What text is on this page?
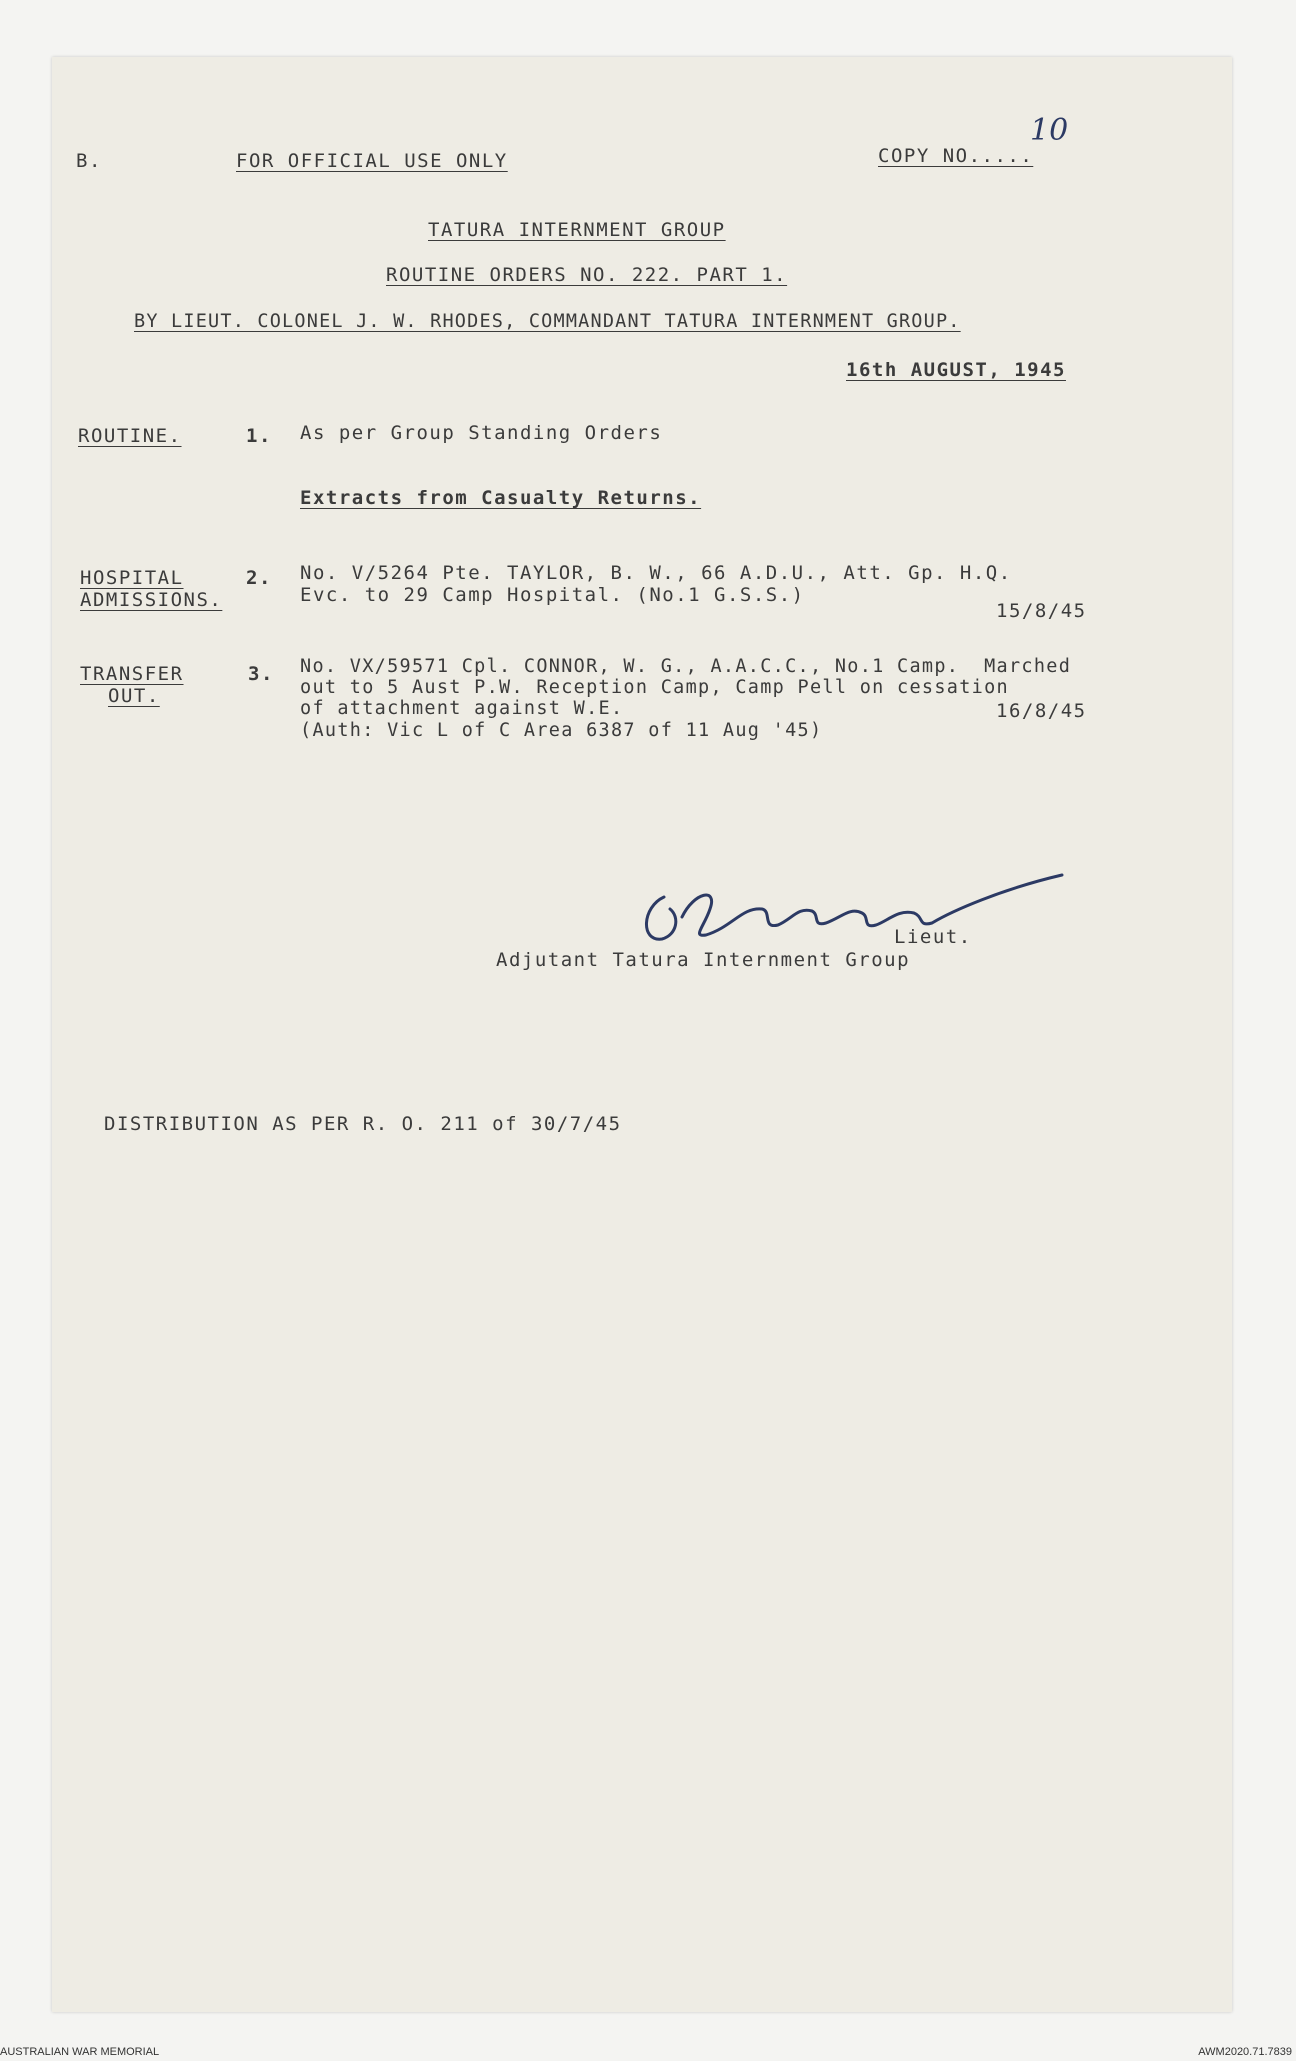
B.	FOR OFFICIAL USE ONLY	COPY NO.....
10
TATURA INTERNMENT GROUP
ROUTINE ORDERS NO. 222. PART 1.
BY LIEUT. COLONEL J. W. RHODES, COMMANDANT TATURA INTERNMENT GROUP.
16th AUGUST, 1945
ROUTINE.	1. As per Group Standing Orders
Extracts from Casualty Returns.
HOSPITAL
ADMISSIONS.
2. No. V/5264 Pte. TAYLOR, B. W., 66 A.D.U., Att. Gp. H.Q.
Evc. to 29 Camp Hospital. (No.1 G.S.S.)
15/8/45
TRANSFER
OUT.
3. No. VX/59571 Cpl. CONNOR, W. G., A.A.C.C., No.1 Camp.  Marched
out to 5 Aust P.W. Reception Camp, Camp Pell on cessation
of attachment against W.E.	16/8/45
(Auth: Vic L of C Area 6387 of 11 Aug '45)
Lieut.
Adjutant Tatura Internment Group
DISTRIBUTION AS PER R. O. 211 of 30/7/45
AUSTRALIAN WAR MEMORIAL	AWM2020.71.7839
